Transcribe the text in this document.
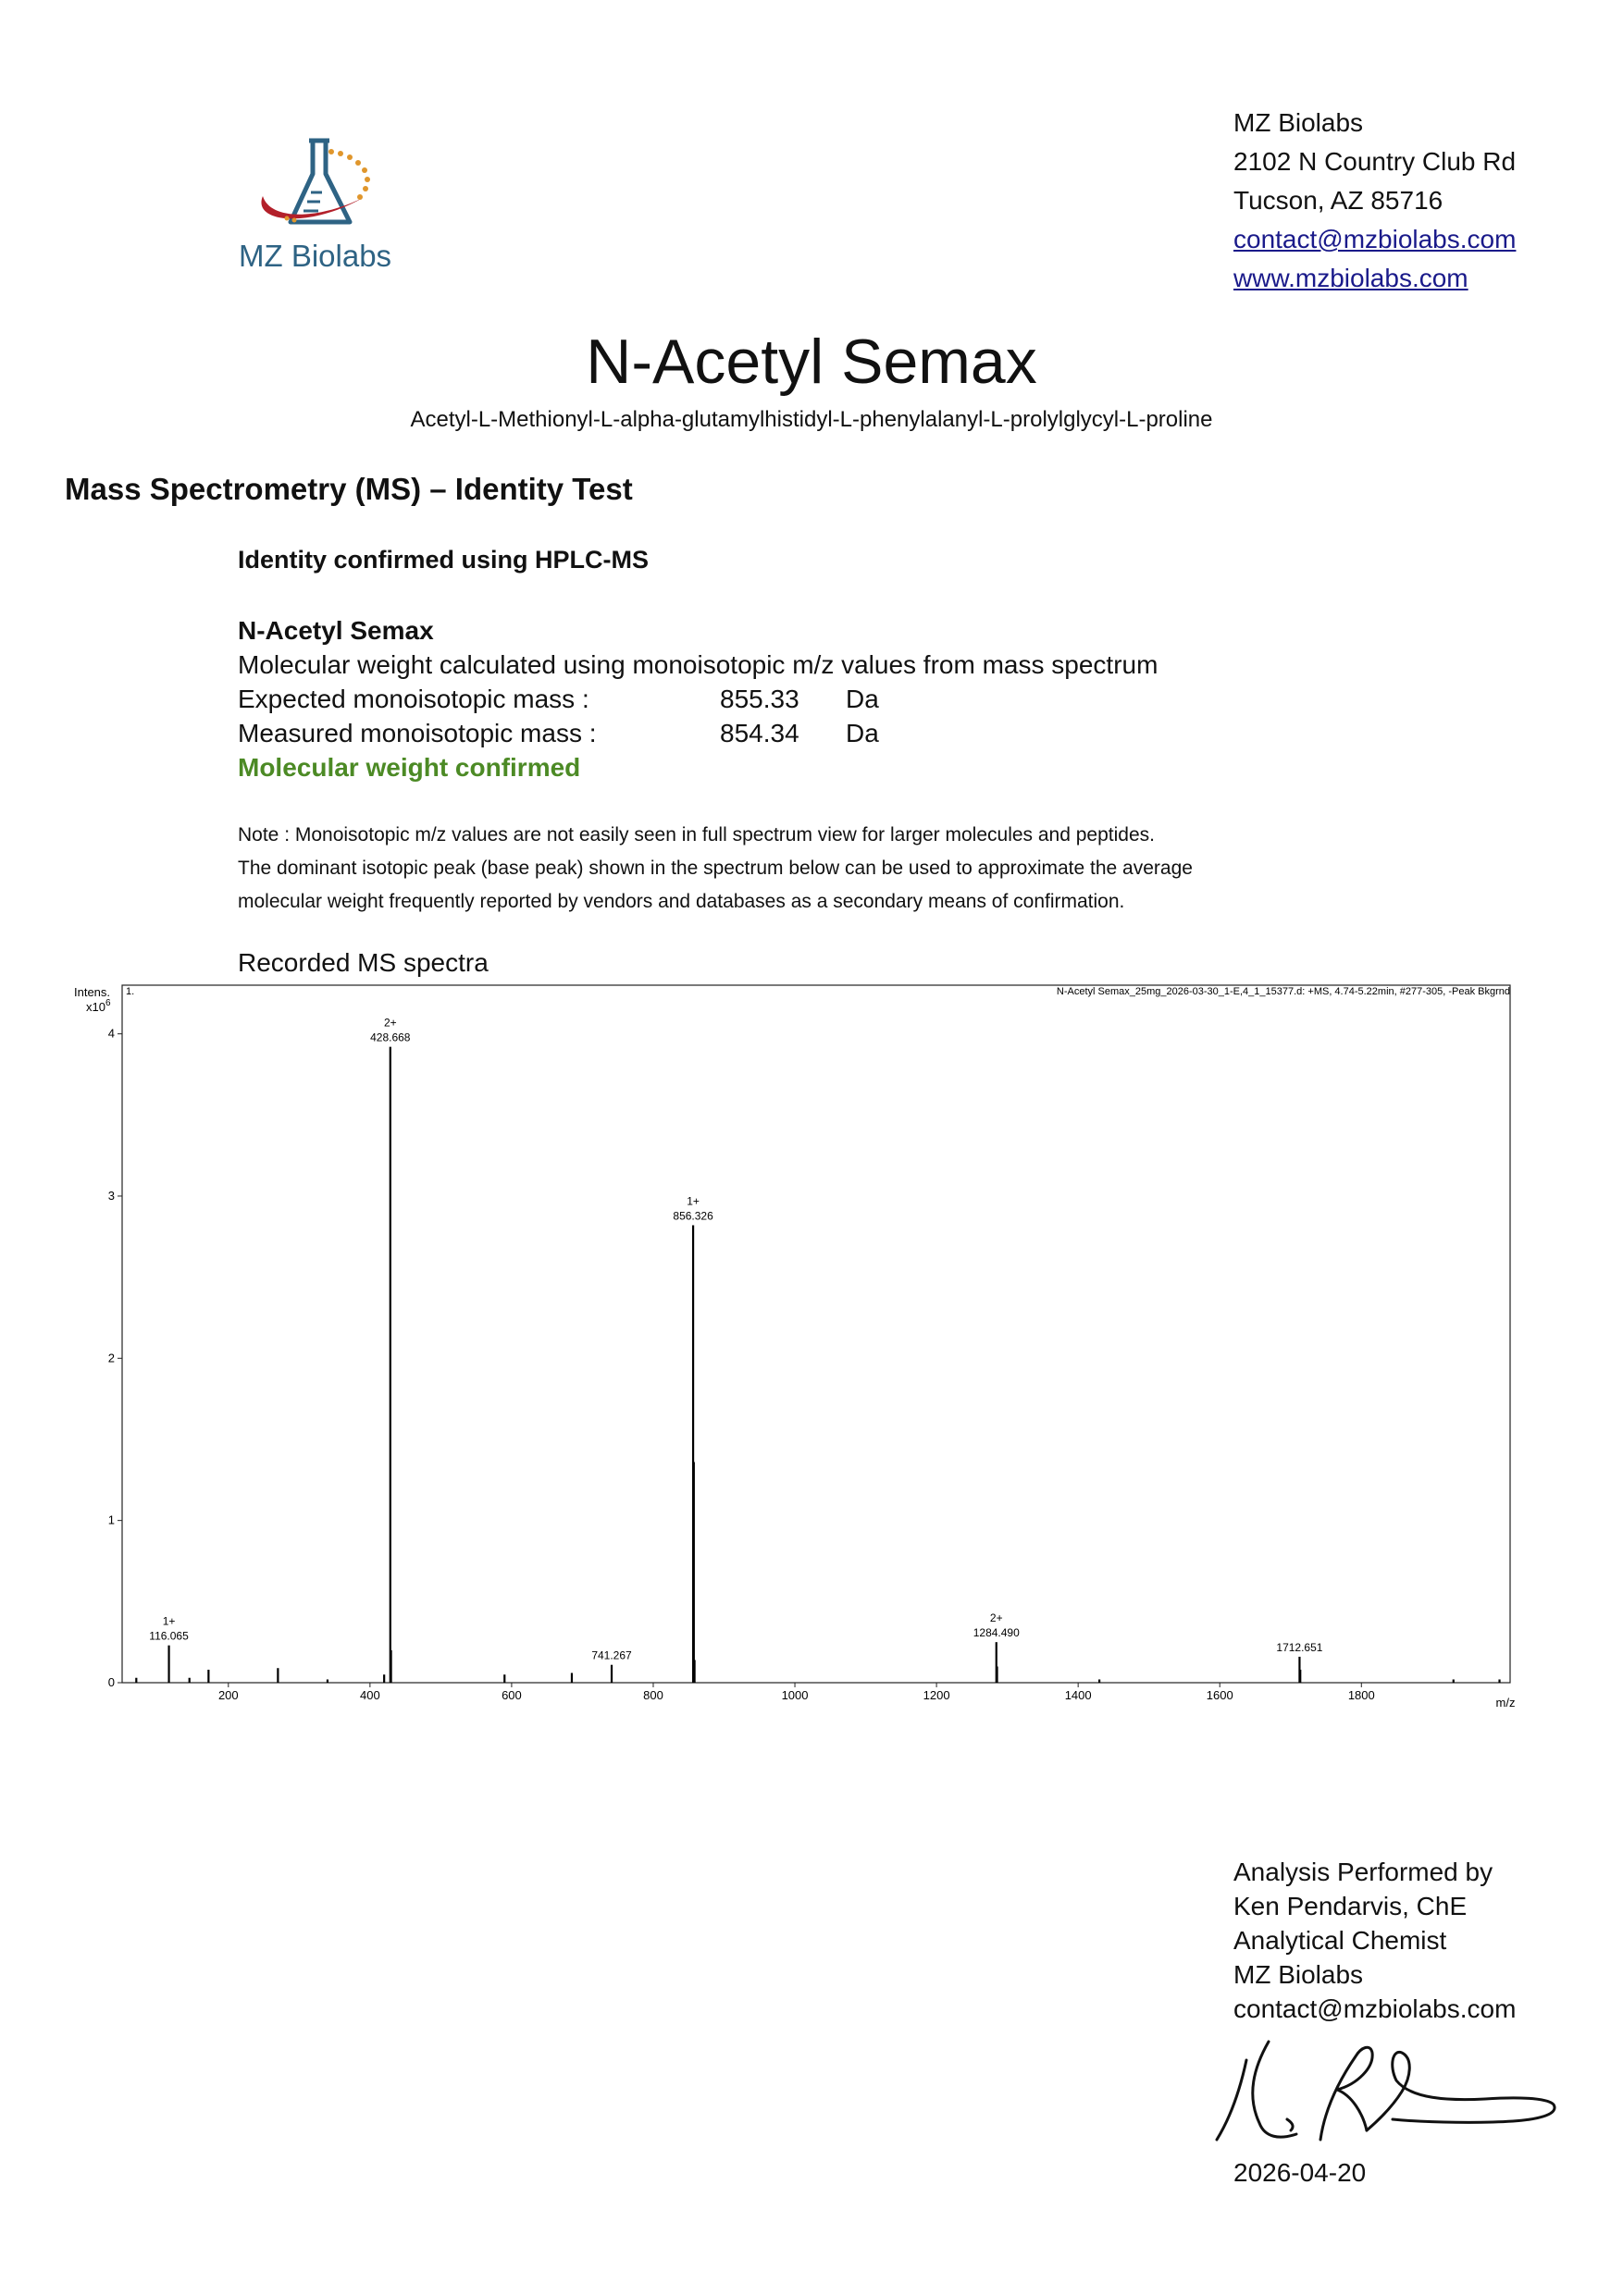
MZ Biolabs
MZ Biolabs
2102 N Country Club Rd
Tucson, AZ 85716
contact@mzbiolabs.com
www.mzbiolabs.com
N-Acetyl Semax
Acetyl-L-Methionyl-L-alpha-glutamylhistidyl-L-phenylalanyl-L-prolylglycyl-L-proline
Mass Spectrometry (MS) – Identity Test
Identity confirmed using HPLC-MS
N-Acetyl Semax
Molecular weight calculated using monoisotopic m/z values from mass spectrum
Expected monoisotopic mass :	855.33 Da
Measured monoisotopic mass :	854.34 Da
Molecular weight confirmed
Note : Monoisotopic m/z values are not easily seen in full spectrum view for larger molecules and peptides.
The dominant isotopic peak (base peak) shown in the spectrum below can be used to approximate the average
molecular weight frequently reported by vendors and databases as a secondary means of confirmation.
Recorded MS spectra
Intens.
$x10^6$
1.	N-Acetyl Semax_25mg_2026-03-30_1-E,4_1_15377.d: +MS, 4.74-5.22min, #277-305, -Peak Bkgrnd
200	400	600	800	1000	1200	1400	1600	1800
0
1
2
3
4
116.065
1+
428.668
2+
741.267
856.326
1+
1284.490
2+
1712.651
m/z
Analysis Performed by
Ken Pendarvis, ChE
Analytical Chemist
MZ Biolabs
contact@mzbiolabs.com
2026-04-20
